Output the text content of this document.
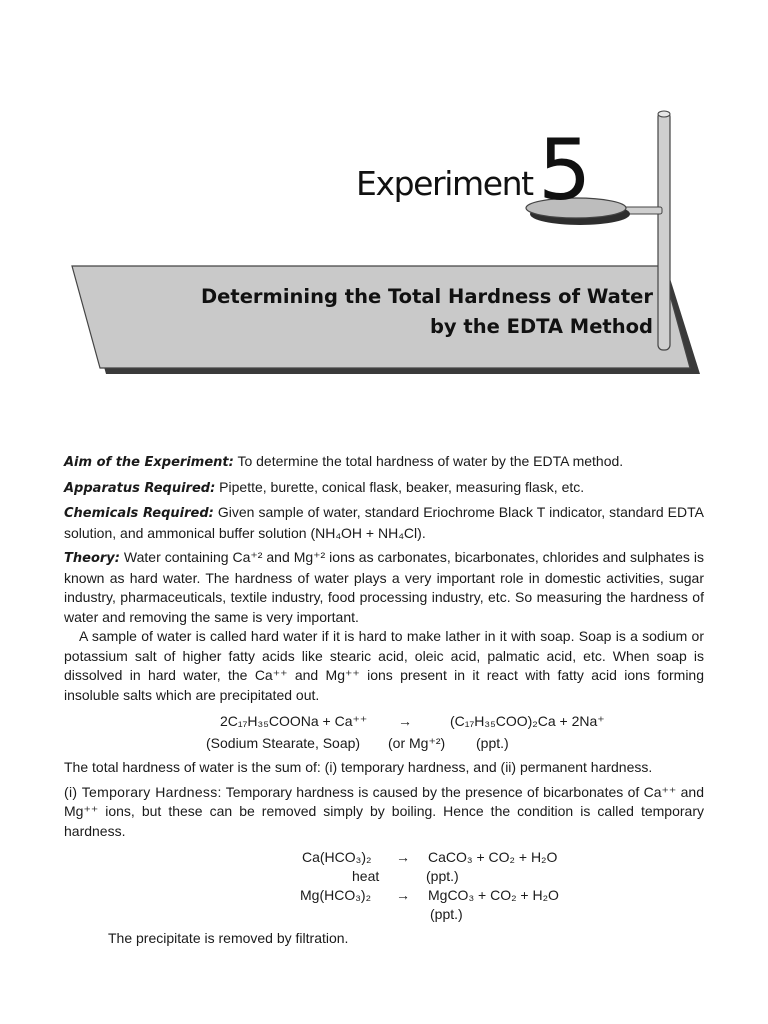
Experiment 5
Determining the Total Hardness of Water
by the EDTA Method

Aim of the Experiment: To determine the total hardness of water by the EDTA method.

Apparatus Required: Pipette, burette, conical flask, beaker, measuring flask, etc.

Chemicals Required: Given sample of water, standard Eriochrome Black T indicator, standard EDTA solution, and ammonical buffer solution (NH₄OH + NH₄Cl).

Theory: Water containing Ca⁺² and Mg⁺² ions as carbonates, bicarbonates, chlorides and sulphates is known as hard water. The hardness of water plays a very important role in domestic activities, sugar industry, pharmaceuticals, textile industry, food processing industry, etc. So measuring the hardness of water and removing the same is very important.

A sample of water is called hard water if it is hard to make lather in it with soap. Soap is a sodium or potassium salt of higher fatty acids like stearic acid, oleic acid, palmatic acid, etc. When soap is dissolved in hard water, the Ca⁺⁺ and Mg⁺⁺ ions present in it react with fatty acid ions forming insoluble salts which are precipitated out.

2C₁₇H₃₅COONa + Ca⁺⁺ →	(C₁₇H₃₅COO)₂Ca + 2Na⁺
(Sodium Stearate, Soap) (or Mg⁺²) (ppt.)

The total hardness of water is the sum of: (i) temporary hardness, and (ii) permanent hardness.

(i) Temporary Hardness: Temporary hardness is caused by the presence of bicarbonates of Ca⁺⁺ and Mg⁺⁺ ions, but these can be removed simply by boiling. Hence the condition is called temporary hardness.

Ca(HCO₃)₂ → CaCO₃ + CO₂ + H₂O
heat	(ppt.)
Mg(HCO₃)₂ → MgCO₃ + CO₂ + H₂O
(ppt.)

The precipitate is removed by filtration.
